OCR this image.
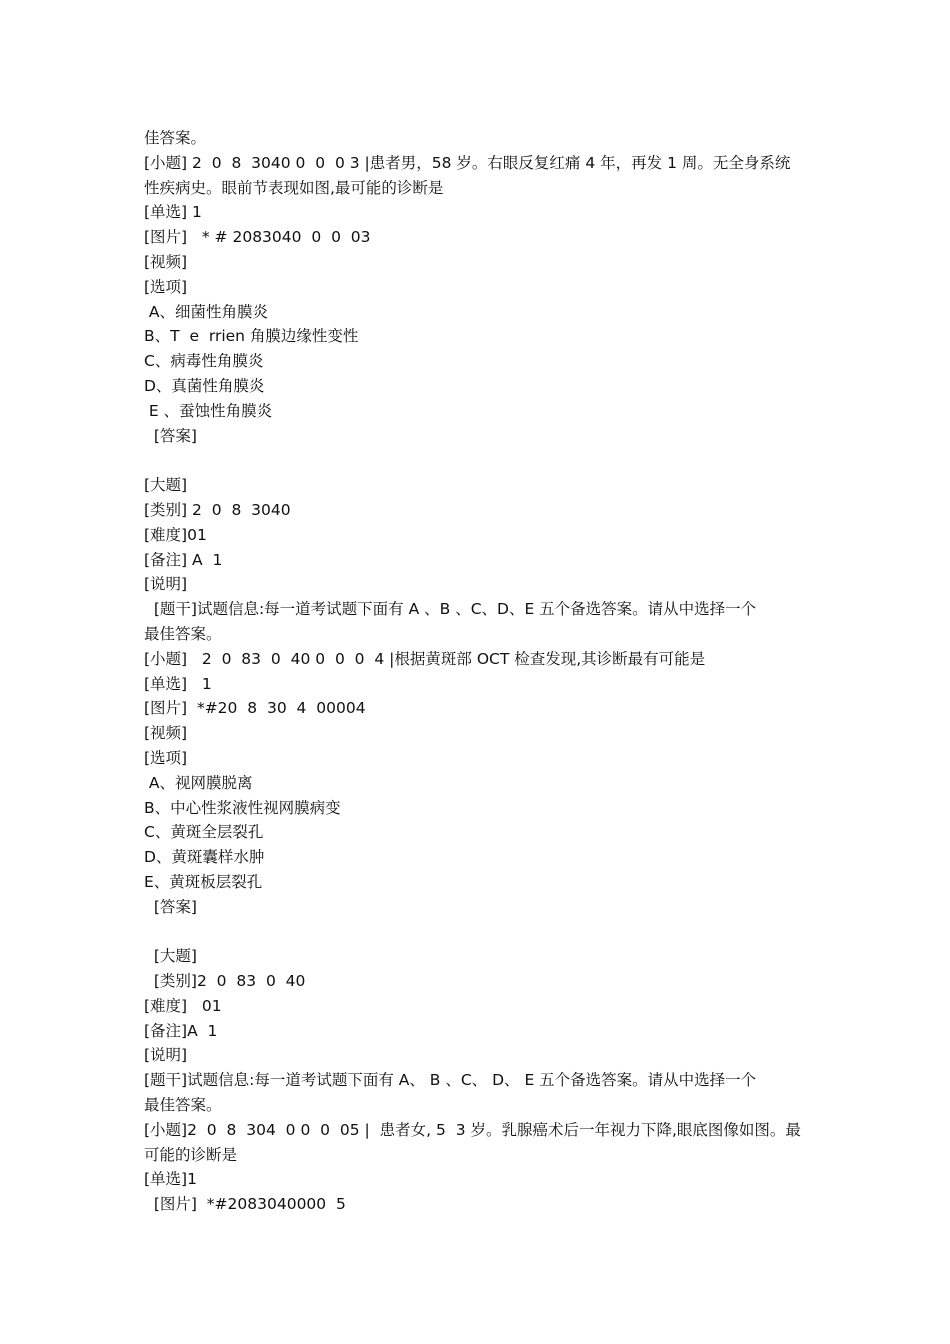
佳答案。
[小题] 2  0  8  3040 0  0  0 3 |患者男，58 岁。右眼反复红痛 4 年，再发 1 周。无全身系统
性疾病史。眼前节表现如图,最可能的诊断是
[单选] 1
[图片]   * # 2083040  0  0  03
[视频]
[选项]
A、细菌性角膜炎
B、T  e  rrien 角膜边缘性变性
C、病毒性角膜炎
D、真菌性角膜炎
E 、蚕蚀性角膜炎
[答案]
[大题]
[类别] 2  0  8  3040
[难度]01
[备注] A  1
[说明]
[题干]试题信息:每一道考试题下面有 A 、B 、C、D、E 五个备选答案。请从中选择一个
最佳答案。
[小题]   2  0  83  0  40 0  0  0  4 |根据黄斑部 OCT 检查发现,其诊断最有可能是
[单选]   1
[图片]  *#20  8  30  4  00004
[视频]
[选项]
A、视网膜脱离
B、中心性浆液性视网膜病变
C、黄斑全层裂孔
D、黄斑囊样水肿
E、黄斑板层裂孔
[答案]
[大题]
[类别]2  0  83  0  40
[难度]   01
[备注]A  1
[说明]
[题干]试题信息:每一道考试题下面有 A、 B 、C、 D、 E 五个备选答案。请从中选择一个
最佳答案。
[小题]2  0  8  304  0 0  0  05 |  患者女, 5  3 岁。乳腺癌术后一年视力下降,眼底图像如图。最
可能的诊断是
[单选]1
[图片]  *#2083040000  5
